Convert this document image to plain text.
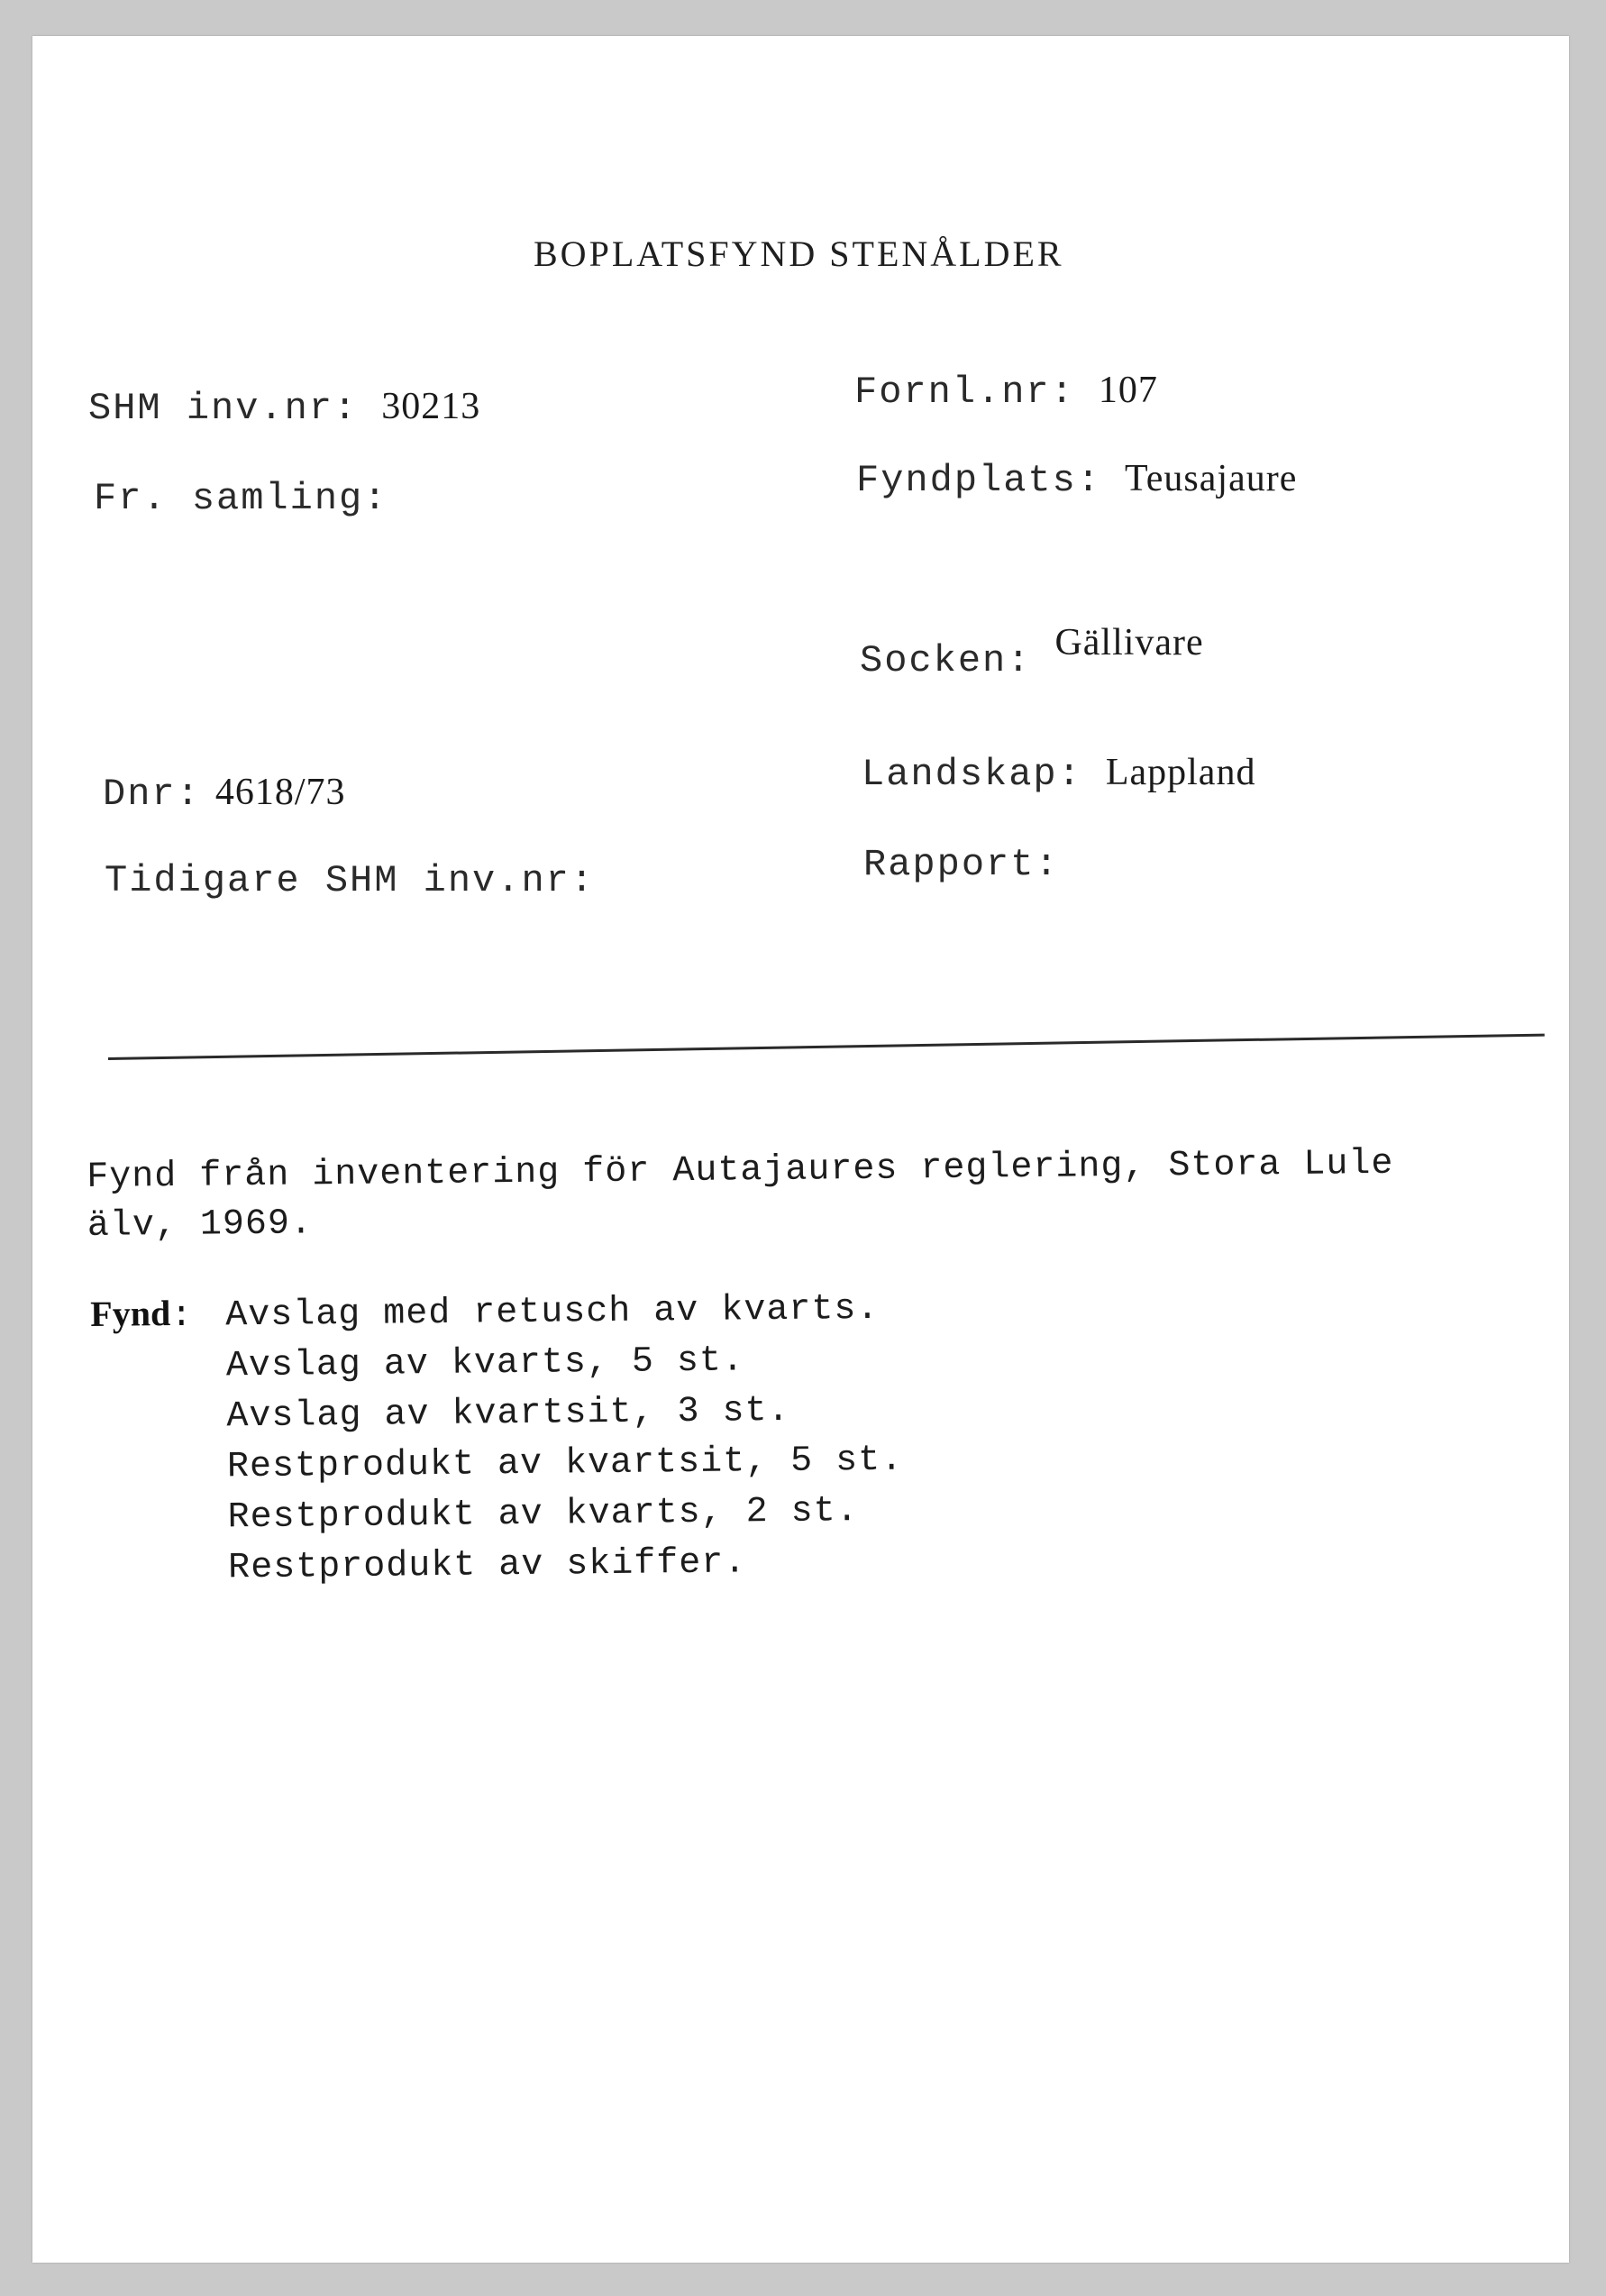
BOPLATSFYND STENÅLDER
SHM inv.nr: 30213
Fr. samling:
Dnr: 4618/73
Tidigare SHM inv.nr:
Fornl.nr: 107
Fyndplats: Teusajaure
Socken: Gällivare
Landskap: Lappland
Rapport:
Fynd från inventering för Autajaures reglering, Stora Lule älv, 1969.
Fynd: Avslag med retusch av kvarts.
Avslag av kvarts, 5 st.
Avslag av kvartsit, 3 st.
Restprodukt av kvartsit, 5 st.
Restprodukt av kvarts, 2 st.
Restprodukt av skiffer.
